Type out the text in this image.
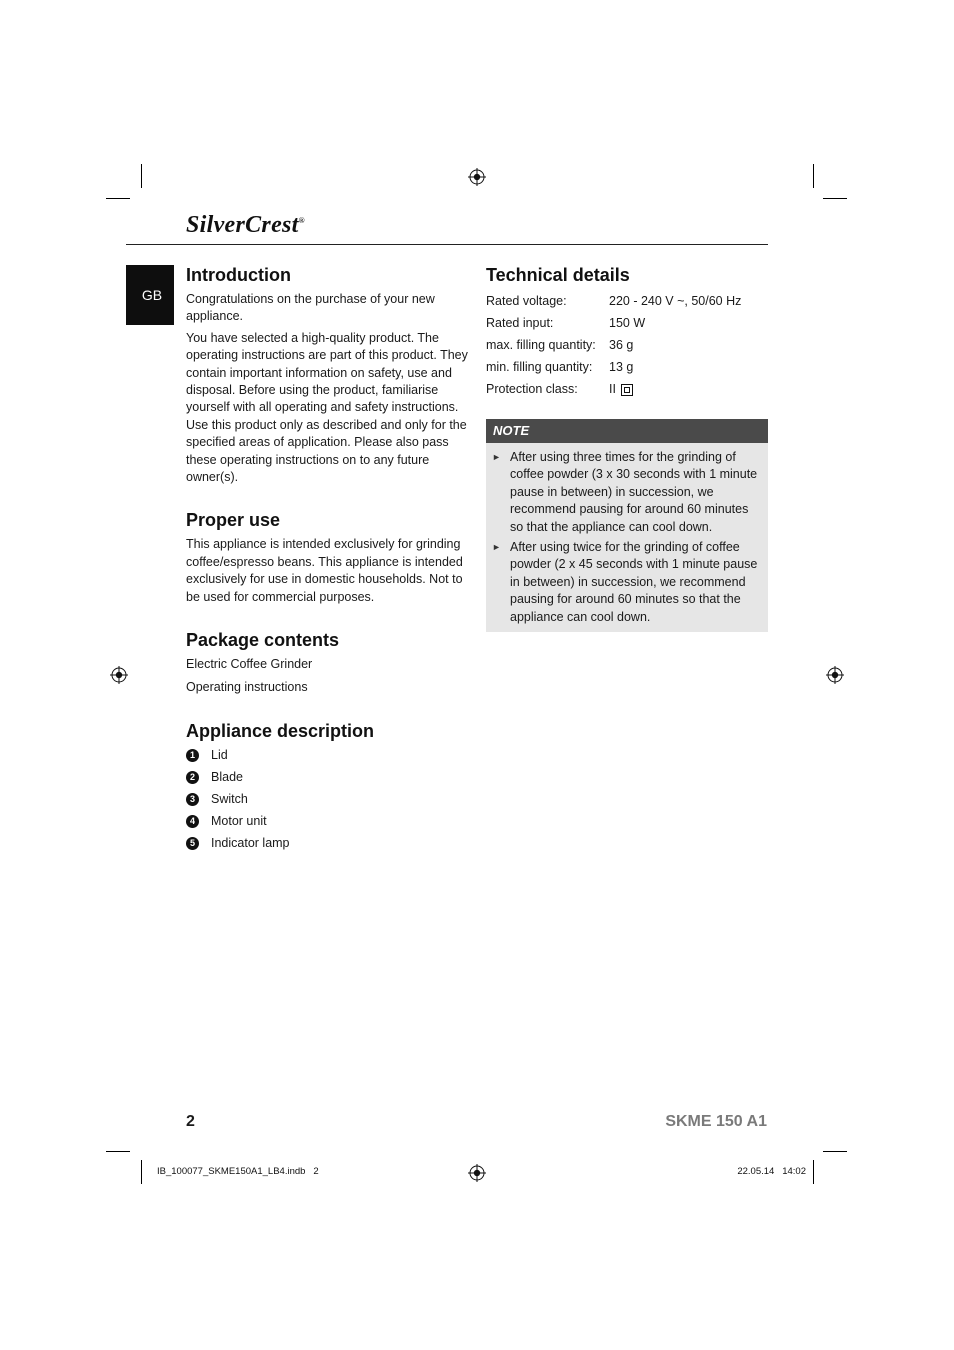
SilverCrest®
GB
Introduction

Congratulations on the purchase of your new appliance.

You have selected a high-quality product. The operating instructions are part of this product. They contain important information on safety, use and disposal. Before using the product, familiarise yourself with all operating and safety instructions. Use this product only as described and only for the specified areas of application. Please also pass these operating instructions on to any future owner(s).

Proper use

This appliance is intended exclusively for grinding coffee/espresso beans. This appliance is intended exclusively for use in domestic households. Not to be used for commercial purposes.

Package contents

Electric Coffee Grinder

Operating instructions

Appliance description
1	Lid
2	Blade
3	Switch
4	Motor unit
5	Indicator lamp
Technical details
Rated voltage:	220 - 240 V ~, 50/60 Hz
Rated input:	150 W
max. filling quantity:	36 g
min. filling quantity:	13 g
Protection class:	II
NOTE
► After using three times for the grinding of coffee powder (3 x 30 seconds with 1 minute pause in between) in succession, we recommend pausing for around 60 minutes so that the appliance can cool down.
► After using twice for the grinding of coffee powder (2 x 45 seconds with 1 minute pause in between) in succession, we recommend pausing for around 60 minutes so that the appliance can cool down.
2	SKME 150 A1
IB_100077_SKME150A1_LB4.indb   2	22.05.14   14:02
